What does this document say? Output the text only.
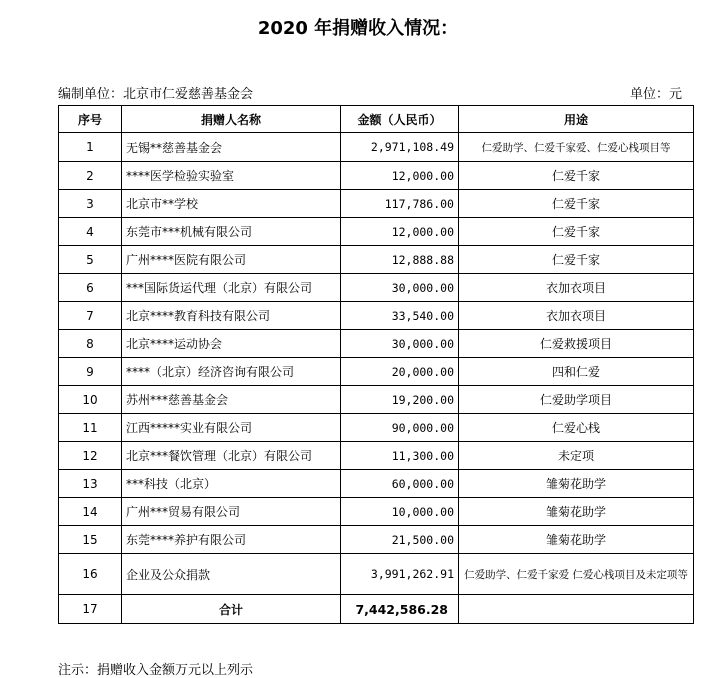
2020 年捐赠收入情况：
编制单位：北京市仁爱慈善基金会	单位：元
序号	捐赠人名称	金额（人民币）	用途
1	无锡**慈善基金会	2,971,108.49	仁爱助学、仁爱千家爱、仁爱心栈项目等
2	****医学检验实验室	12,000.00	仁爱千家
3	北京市**学校	117,786.00	仁爱千家
4	东莞市***机械有限公司	12,000.00	仁爱千家
5	广州****医院有限公司	12,888.88	仁爱千家
6	***国际货运代理（北京）有限公司	30,000.00	衣加衣项目
7	北京****教育科技有限公司	33,540.00	衣加衣项目
8	北京****运动协会	30,000.00	仁爱救援项目
9	****（北京）经济咨询有限公司	20,000.00	四和仁爱
10	苏州***慈善基金会	19,200.00	仁爱助学项目
11	江西*****实业有限公司	90,000.00	仁爱心栈
12	北京***餐饮管理（北京）有限公司	11,300.00	未定项
13	***科技（北京）	60,000.00	雏菊花助学
14	广州***贸易有限公司	10,000.00	雏菊花助学
15	东莞****养护有限公司	21,500.00	雏菊花助学
16	企业及公众捐款	3,991,262.91	仁爱助学、仁爱千家爱 仁爱心栈项目及未定项等
17	合计	7,442,586.28	
注示：捐赠收入金额万元以上列示
